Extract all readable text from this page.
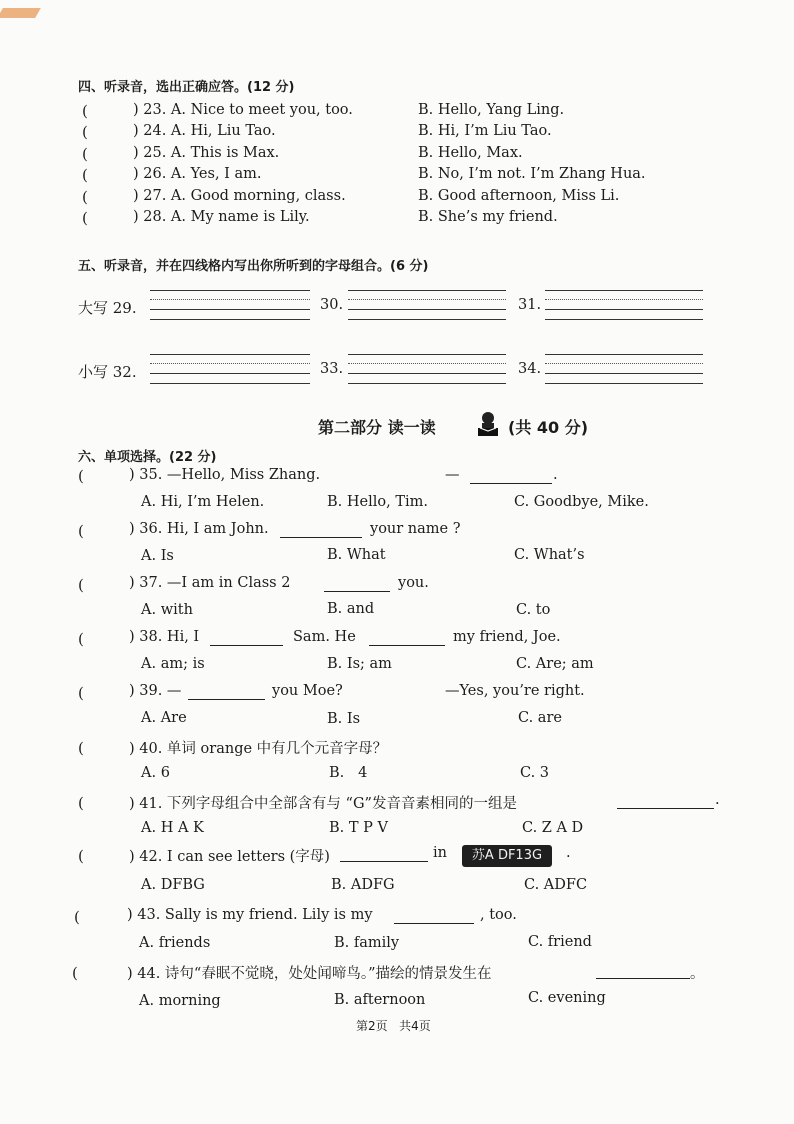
四、听录音，选出正确应答。(12 分)
(	) 23. A. Nice to meet you, too.	B. Hello, Yang Ling.
(	) 24. A. Hi, Liu Tao.	B. Hi, I’m Liu Tao.
(	) 25. A. This is Max.	B. Hello, Max.
(	) 26. A. Yes, I am.	B. No, I’m not. I’m Zhang Hua.
(	) 27. A. Good morning, class.	B. Good afternoon, Miss Li.
(	) 28. A. My name is Lily.	B. She’s my friend.
五、听录音，并在四线格内写出你所听到的字母组合。(6 分)
大写 29.	30.	31.
小写 32.	33.	34.
第二部分 读一读	(共 40 分)
六、单项选择。(22 分)
(	) 35. —Hello, Miss Zhang.	—	.
A. Hi, I’m Helen.	B. Hello, Tim.	C. Goodbye, Mike.
(	) 36. Hi, I am John.	your name ?
A. Is	B. What	C. What’s
(	) 37. —I am in Class 2	you.
A. with	B. and	C. to
(	) 38. Hi, I	Sam. He	my friend, Joe.
A. am; is	B. Is; am	C. Are; am
(	) 39. —	you Moe?	—Yes, you’re right.
A. Are	B. Is	C. are
(	) 40. 单词 orange 中有几个元音字母？
A. 6	B.   4	C. 3
(	) 41. 下列字母组合中全部含有与 “G”发音音素相同的一组是	.
A. H A K	B. T P V	C. Z A D
(	) 42. I can see letters (字母)	in	苏A DF13G	.
A. DFBG	B. ADFG	C. ADFC
(	) 43. Sally is my friend. Lily is my	, too.
A. friends	B. family	C. friend
(	) 44. 诗句“春眠不觉晓，处处闻啼鸟。”描绘的情景发生在	。
A. morning	B. afternoon	C. evening
第2页   共4页
